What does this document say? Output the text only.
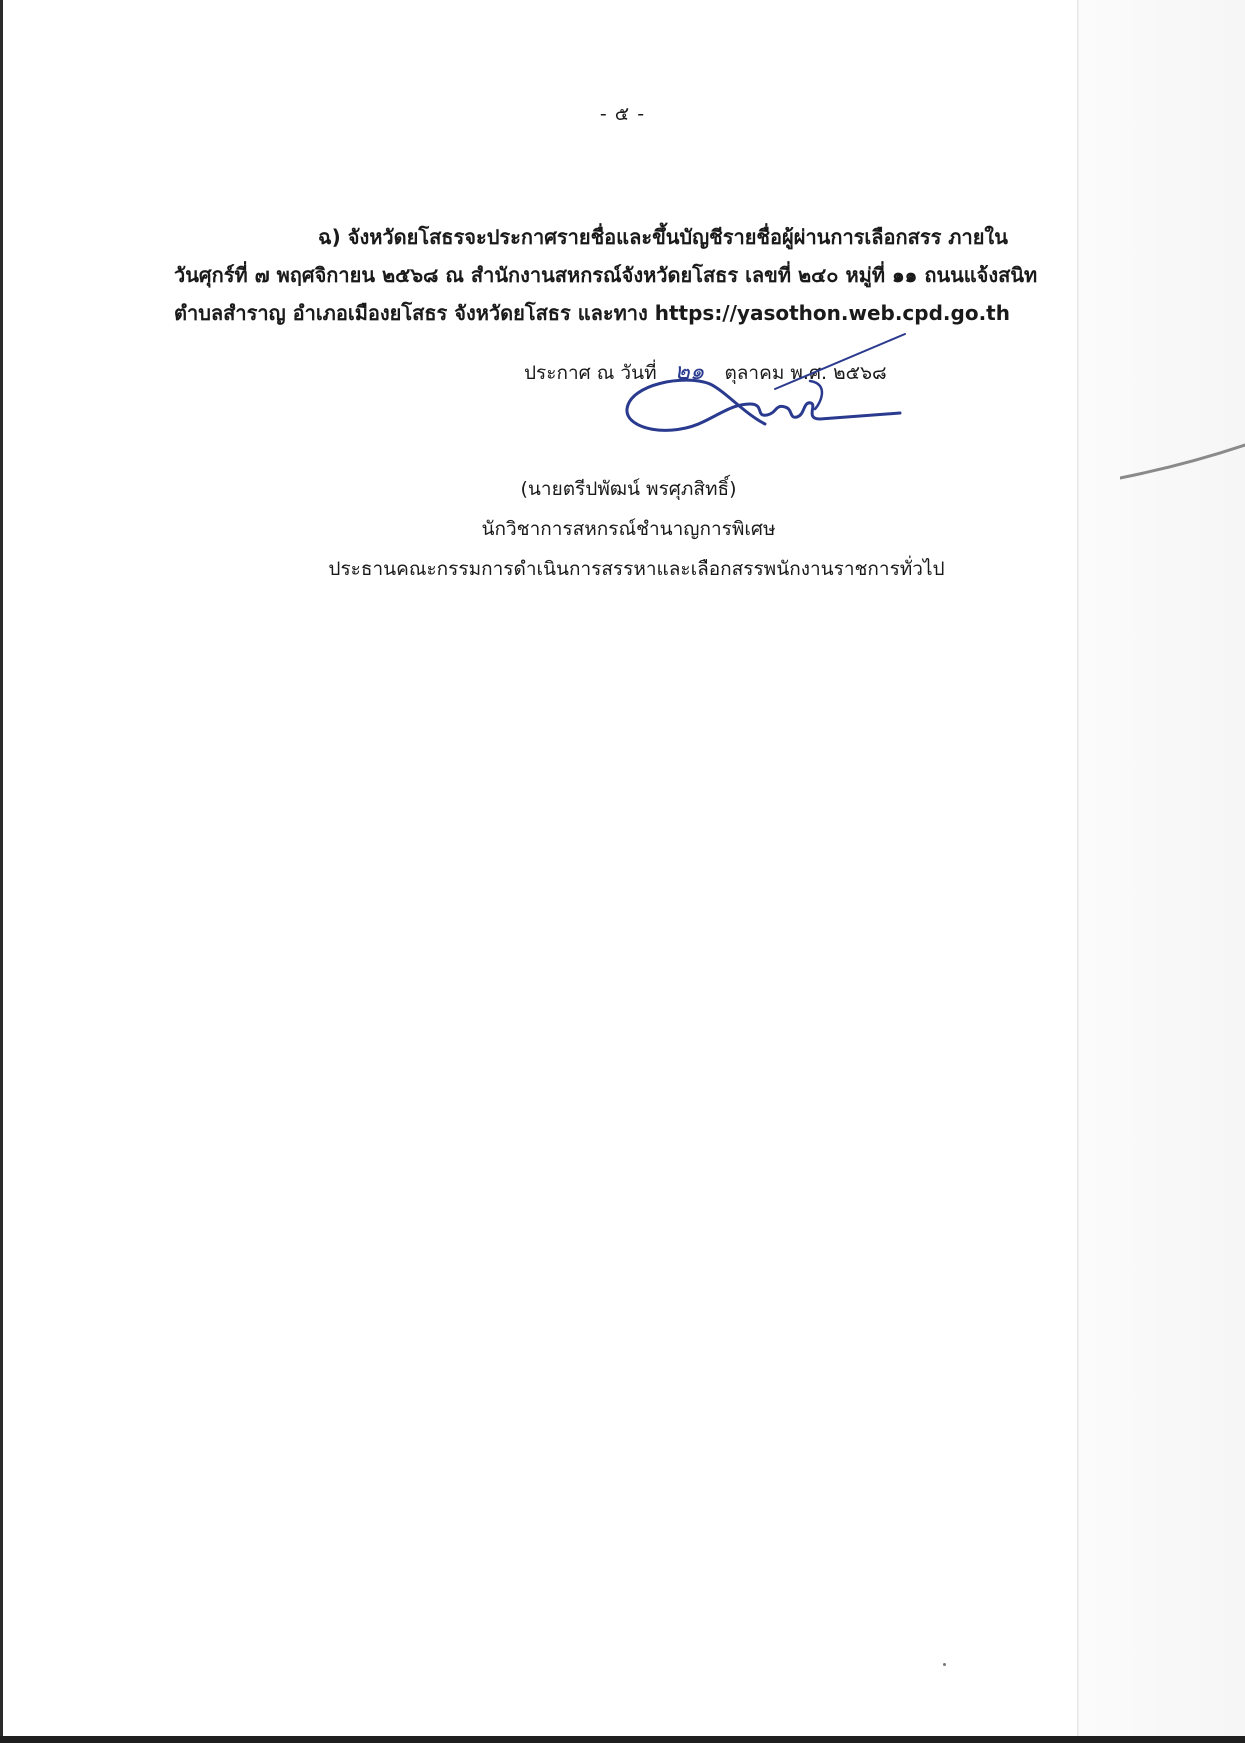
- ๕ -
ฉ) จังหวัดยโสธรจะประกาศรายชื่อและขึ้นบัญชีรายชื่อผู้ผ่านการเลือกสรร ภายใน
วันศุกร์ที่ ๗ พฤศจิกายน ๒๕๖๘ ณ สำนักงานสหกรณ์จังหวัดยโสธร เลขที่ ๒๔๐ หมู่ที่ ๑๑ ถนนแจ้งสนิท
ตำบลสำราญ อำเภอเมืองยโสธร จังหวัดยโสธร และทาง https://yasothon.web.cpd.go.th
ประกาศ ณ วันที่ ๒๑ ตุลาคม พ.ศ. ๒๕๖๘
(นายตรีปพัฒน์ พรศุภสิทธิ์)
นักวิชาการสหกรณ์ชำนาญการพิเศษ
ประธานคณะกรรมการดำเนินการสรรหาและเลือกสรรพนักงานราชการทั่วไป
